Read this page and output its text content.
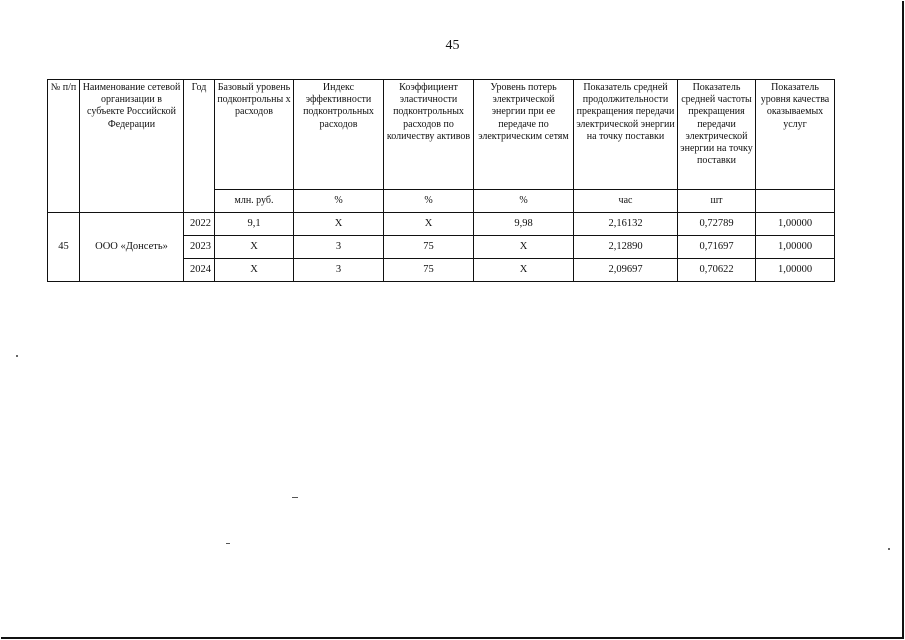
45
№ п/п	Наименование сетевой организации в субъекте Российской Федерации	Год	Базовый уровень подконтрольны х расходов	Индекс эффективности подконтрольных расходов	Коэффициент эластичности подконтрольных расходов по количеству активов	Уровень потерь электрической энергии при ее передаче по электрическим сетям	Показатель средней продолжительности прекращения передачи электрической энергии на точку поставки	Показатель средней частоты прекращения передачи электрической энергии на точку поставки	Показатель уровня качества оказываемых услуг
			млн. руб.	%	%	%	час	шт	
45	ООО «Донсеть»	2022	9,1	Х	Х	9,98	2,16132	0,72789	1,00000
		2023	Х	3	75	Х	2,12890	0,71697	1,00000
		2024	Х	3	75	Х	2,09697	0,70622	1,00000
